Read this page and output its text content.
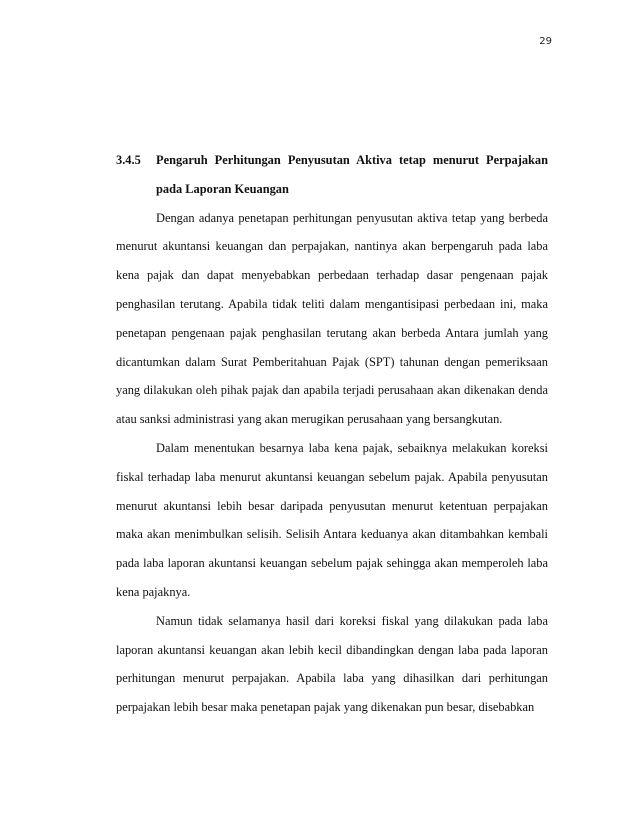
29
3.4.5	Pengaruh Perhitungan Penyusutan Aktiva tetap menurut Perpajakan
pada Laporan Keuangan

Dengan adanya penetapan perhitungan penyusutan aktiva tetap yang berbeda menurut akuntansi keuangan dan perpajakan, nantinya akan berpengaruh pada laba kena pajak dan dapat menyebabkan perbedaan terhadap dasar pengenaan pajak penghasilan terutang. Apabila tidak teliti dalam mengantisipasi perbedaan ini, maka penetapan pengenaan pajak penghasilan terutang akan berbeda Antara jumlah yang dicantumkan dalam Surat Pemberitahuan Pajak (SPT) tahunan dengan pemeriksaan yang dilakukan oleh pihak pajak dan apabila terjadi perusahaan akan dikenakan denda atau sanksi administrasi yang akan merugikan perusahaan yang bersangkutan.

Dalam menentukan besarnya laba kena pajak, sebaiknya melakukan koreksi fiskal terhadap laba menurut akuntansi keuangan sebelum pajak. Apabila penyusutan menurut akuntansi lebih besar daripada penyusutan menurut ketentuan perpajakan maka akan menimbulkan selisih. Selisih Antara keduanya akan ditambahkan kembali pada laba laporan akuntansi keuangan sebelum pajak sehingga akan memperoleh laba kena pajaknya.

Namun tidak selamanya hasil dari koreksi fiskal yang dilakukan pada laba laporan akuntansi keuangan akan lebih kecil dibandingkan dengan laba pada laporan perhitungan menurut perpajakan. Apabila laba yang dihasilkan dari perhitungan perpajakan lebih besar maka penetapan pajak yang dikenakan pun besar, disebabkan
